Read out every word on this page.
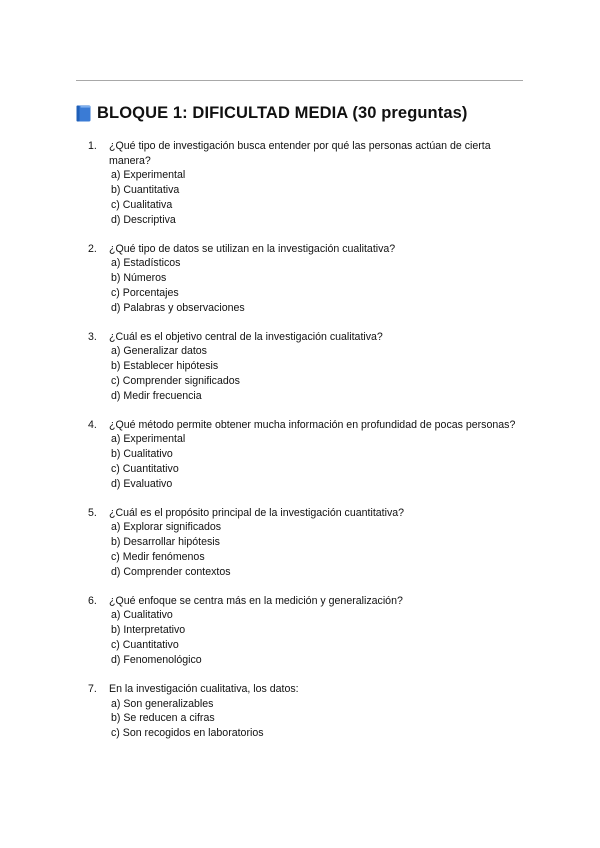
BLOQUE 1: DIFICULTAD MEDIA (30 preguntas)
1. ¿Qué tipo de investigación busca entender por qué las personas actúan de cierta manera?
a) Experimental
b) Cuantitativa
c) Cualitativa
d) Descriptiva
2. ¿Qué tipo de datos se utilizan en la investigación cualitativa?
a) Estadísticos
b) Números
c) Porcentajes
d) Palabras y observaciones
3. ¿Cuál es el objetivo central de la investigación cualitativa?
a) Generalizar datos
b) Establecer hipótesis
c) Comprender significados
d) Medir frecuencia
4. ¿Qué método permite obtener mucha información en profundidad de pocas personas?
a) Experimental
b) Cualitativo
c) Cuantitativo
d) Evaluativo
5. ¿Cuál es el propósito principal de la investigación cuantitativa?
a) Explorar significados
b) Desarrollar hipótesis
c) Medir fenómenos
d) Comprender contextos
6. ¿Qué enfoque se centra más en la medición y generalización?
a) Cualitativo
b) Interpretativo
c) Cuantitativo
d) Fenomenológico
7. En la investigación cualitativa, los datos:
a) Son generalizables
b) Se reducen a cifras
c) Son recogidos en laboratorios
